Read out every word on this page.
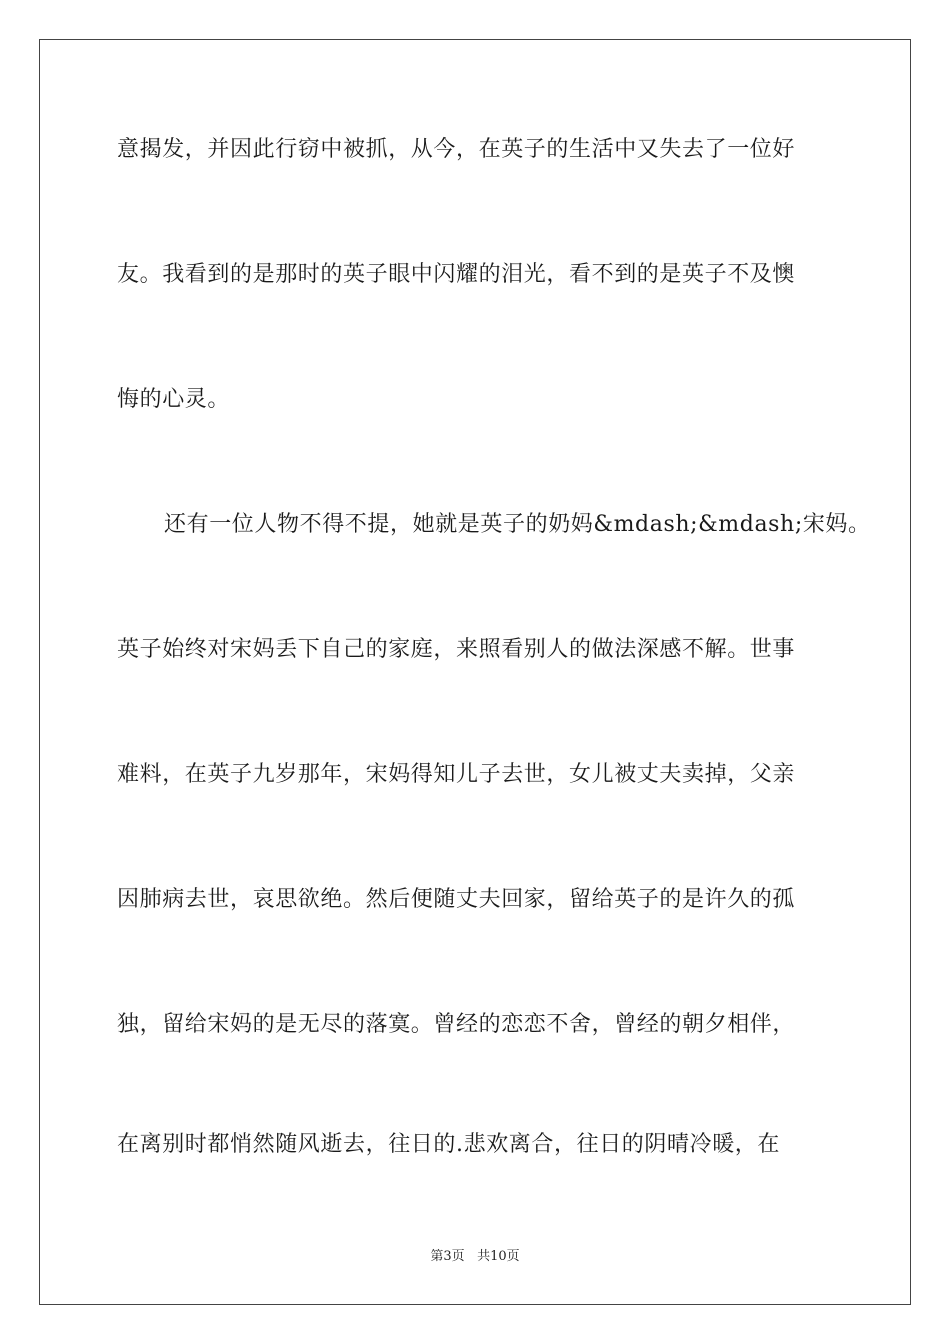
意揭发，并因此行窃中被抓，从今，在英子的生活中又失去了一位好
友。我看到的是那时的英子眼中闪耀的泪光，看不到的是英子不及懊
悔的心灵。
还有一位人物不得不提，她就是英子的奶妈&mdash;&mdash;宋妈。
英子始终对宋妈丢下自己的家庭，来照看别人的做法深感不解。世事
难料，在英子九岁那年，宋妈得知儿子去世，女儿被丈夫卖掉，父亲
因肺病去世，哀思欲绝。然后便随丈夫回家，留给英子的是许久的孤
独，留给宋妈的是无尽的落寞。曾经的恋恋不舍，曾经的朝夕相伴，
在离别时都悄然随风逝去，往日的.悲欢离合，往日的阴晴冷暖，在
第3页 共10页
